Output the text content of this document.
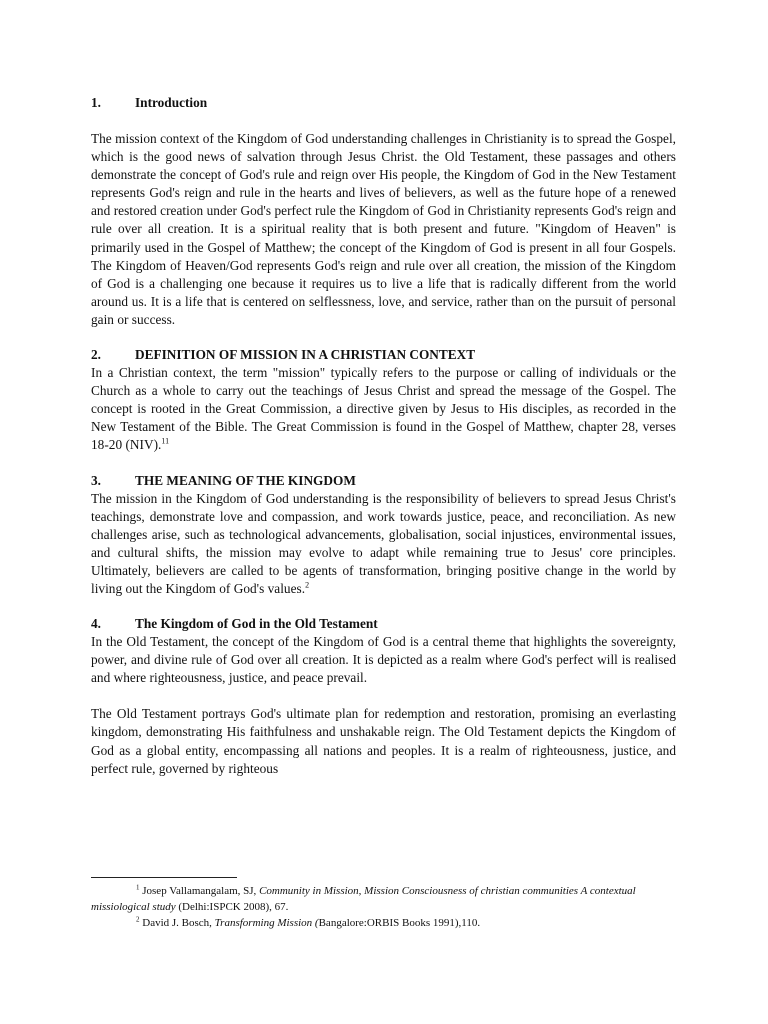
1.	Introduction

The mission context of the Kingdom of God understanding challenges in Christianity is to spread the Gospel, which is the good news of salvation through Jesus Christ. the Old Testament, these passages and others demonstrate the concept of God's rule and reign over His people, the Kingdom of God in the New Testament represents God's reign and rule in the hearts and lives of believers, as well as the future hope of a renewed and restored creation under God's perfect rule the Kingdom of God in Christianity represents God's reign and rule over all creation. It is a spiritual reality that is both present and future. "Kingdom of Heaven" is primarily used in the Gospel of Matthew; the concept of the Kingdom of God is present in all four Gospels. The Kingdom of Heaven/God represents God's reign and rule over all creation, the mission of the Kingdom of God is a challenging one because it requires us to live a life that is radically different from the world around us. It is a life that is centered on selflessness, love, and service, rather than on the pursuit of personal gain or success.

2.	DEFINITION OF MISSION IN A CHRISTIAN CONTEXT

In a Christian context, the term "mission" typically refers to the purpose or calling of individuals or the Church as a whole to carry out the teachings of Jesus Christ and spread the message of the Gospel. The concept is rooted in the Great Commission, a directive given by Jesus to His disciples, as recorded in the New Testament of the Bible. The Great Commission is found in the Gospel of Matthew, chapter 28, verses 18-20 (NIV).$^{11}$

3.	THE MEANING OF THE KINGDOM

The mission in the Kingdom of God understanding is the responsibility of believers to spread Jesus Christ's teachings, demonstrate love and compassion, and work towards justice, peace, and reconciliation. As new challenges arise, such as technological advancements, globalisation, social injustices, environmental issues, and cultural shifts, the mission may evolve to adapt while remaining true to Jesus' core principles. Ultimately, believers are called to be agents of transformation, bringing positive change in the world by living out the Kingdom of God's values.$^2$

4.	The Kingdom of God in the Old Testament

In the Old Testament, the concept of the Kingdom of God is a central theme that highlights the sovereignty, power, and divine rule of God over all creation. It is depicted as a realm where God's perfect will is realised and where righteousness, justice, and peace prevail.

The Old Testament portrays God's ultimate plan for redemption and restoration, promising an everlasting kingdom, demonstrating His faithfulness and unshakable reign. The Old Testament depicts the Kingdom of God as a global entity, encompassing all nations and peoples. It is a realm of righteousness, justice, and perfect rule, governed by righteous

$^1$ Josep Vallamangalam, SJ, Community in Mission, Mission Consciousness of christian communities A contextual missiological study (Delhi:ISPCK 2008), 67.

$^2$ David J. Bosch, Transforming Mission (Bangalore:ORBIS Books 1991),110.
